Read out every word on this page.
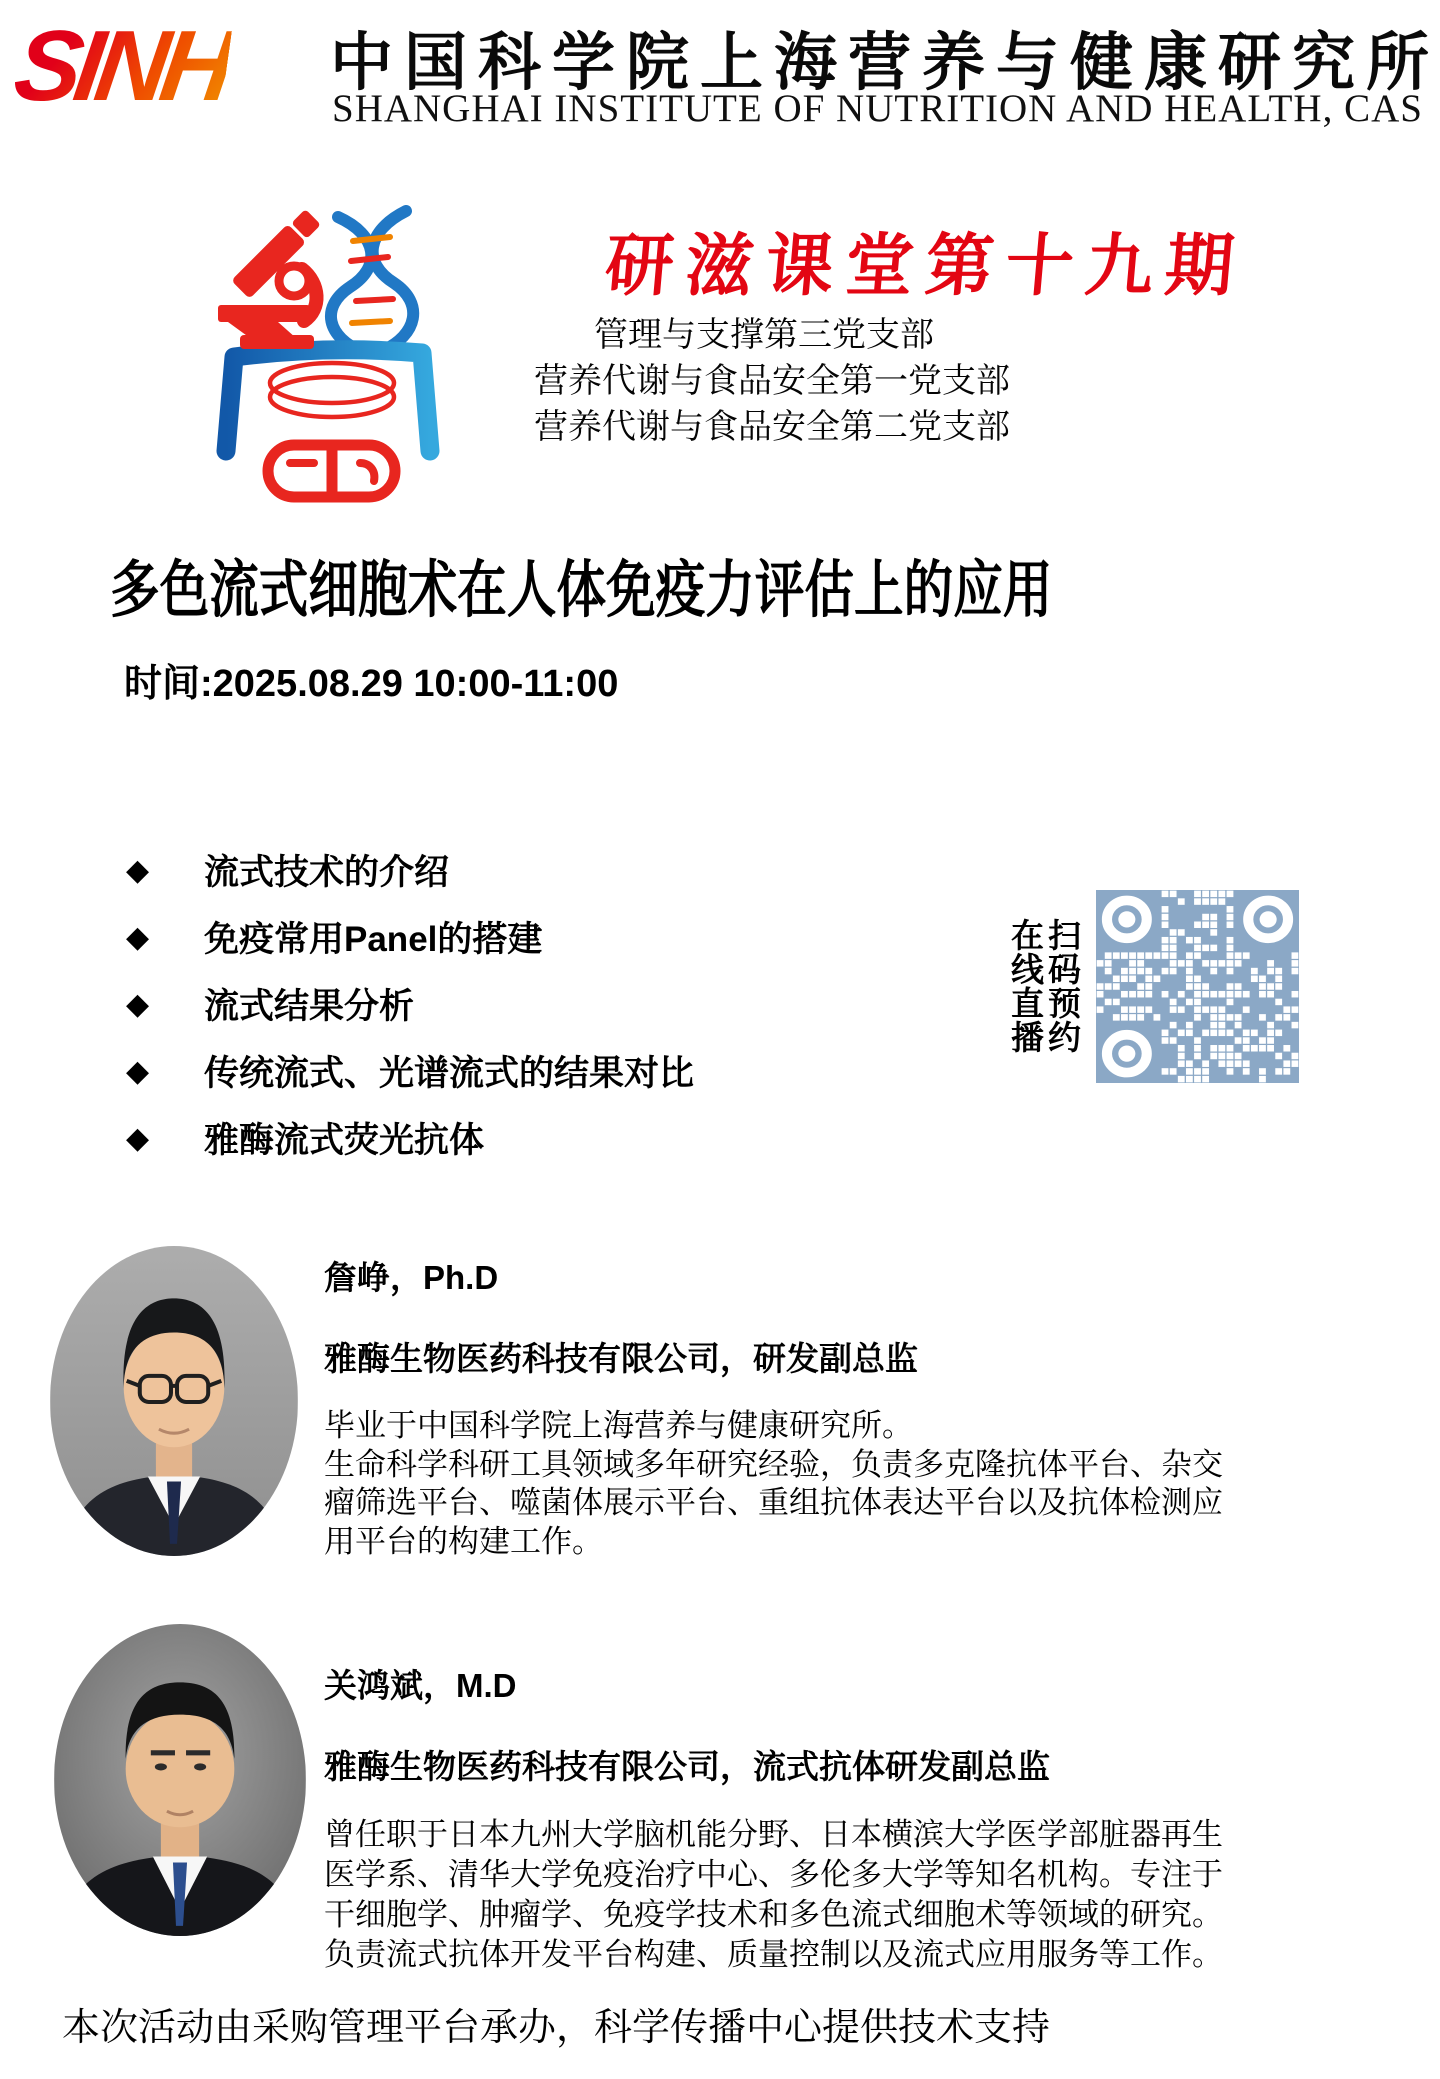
SINH 中国科学院上海营养与健康研究所
SHANGHAI INSTITUTE OF NUTRITION AND HEALTH, CAS
研滋课堂第十九期
管理与支撑第三党支部
营养代谢与食品安全第一党支部
营养代谢与食品安全第二党支部
多色流式细胞术在人体免疫力评估上的应用
时间:2025.08.29 10:00-11:00
◆	流式技术的介绍
◆	免疫常用Panel的搭建
◆	流式结果分析
◆	传统流式、光谱流式的结果对比
◆	雅酶流式荧光抗体
在线直播 扫码预约
詹峥，Ph.D
雅酶生物医药科技有限公司，研发副总监
毕业于中国科学院上海营养与健康研究所。
生命科学科研工具领域多年研究经验，负责多克隆抗体平台、杂交
瘤筛选平台、噬菌体展示平台、重组抗体表达平台以及抗体检测应
用平台的构建工作。
关鸿斌，M.D
雅酶生物医药科技有限公司，流式抗体研发副总监
曾任职于日本九州大学脑机能分野、日本横滨大学医学部脏器再生
医学系、清华大学免疫治疗中心、多伦多大学等知名机构。专注于
干细胞学、肿瘤学、免疫学技术和多色流式细胞术等领域的研究。
负责流式抗体开发平台构建、质量控制以及流式应用服务等工作。
本次活动由采购管理平台承办，科学传播中心提供技术支持
